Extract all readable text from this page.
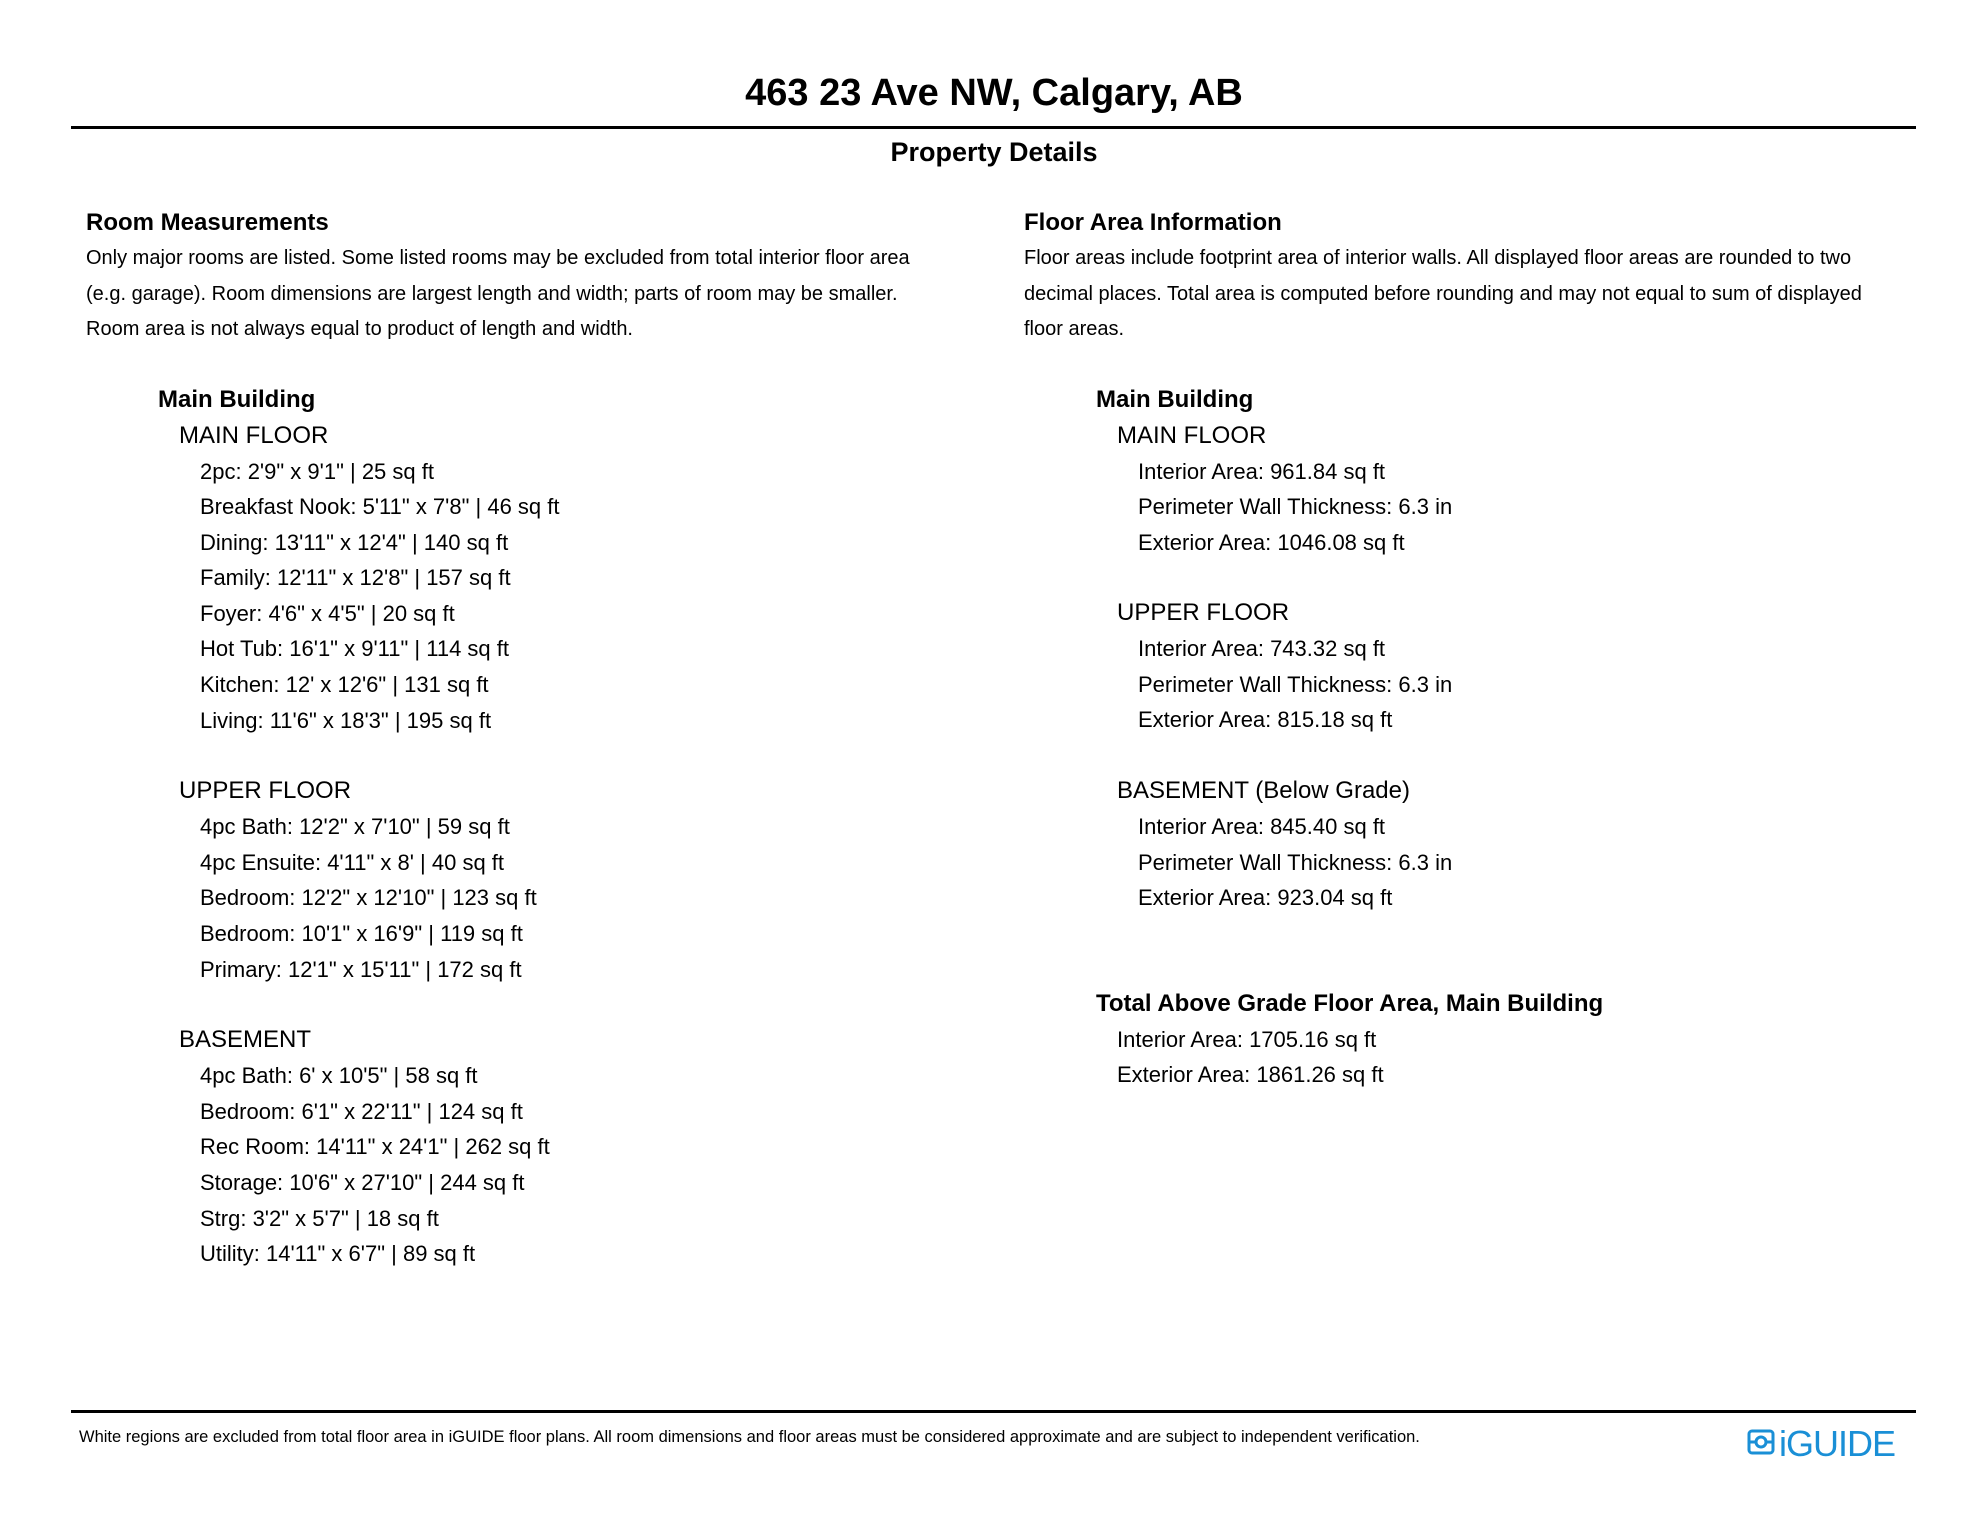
463 23 Ave NW, Calgary, AB
Property Details
Room Measurements
Only major rooms are listed. Some listed rooms may be excluded from total interior floor area
(e.g. garage). Room dimensions are largest length and width; parts of room may be smaller.
Room area is not always equal to product of length and width.
Main Building
MAIN FLOOR
2pc: 2'9" x 9'1" | 25 sq ft
Breakfast Nook: 5'11" x 7'8" | 46 sq ft
Dining: 13'11" x 12'4" | 140 sq ft
Family: 12'11" x 12'8" | 157 sq ft
Foyer: 4'6" x 4'5" | 20 sq ft
Hot Tub: 16'1" x 9'11" | 114 sq ft
Kitchen: 12' x 12'6" | 131 sq ft
Living: 11'6" x 18'3" | 195 sq ft
UPPER FLOOR
4pc Bath: 12'2" x 7'10" | 59 sq ft
4pc Ensuite: 4'11" x 8' | 40 sq ft
Bedroom: 12'2" x 12'10" | 123 sq ft
Bedroom: 10'1" x 16'9" | 119 sq ft
Primary: 12'1" x 15'11" | 172 sq ft
BASEMENT
4pc Bath: 6' x 10'5" | 58 sq ft
Bedroom: 6'1" x 22'11" | 124 sq ft
Rec Room: 14'11" x 24'1" | 262 sq ft
Storage: 10'6" x 27'10" | 244 sq ft
Strg: 3'2" x 5'7" | 18 sq ft
Utility: 14'11" x 6'7" | 89 sq ft
Floor Area Information
Floor areas include footprint area of interior walls. All displayed floor areas are rounded to two
decimal places. Total area is computed before rounding and may not equal to sum of displayed
floor areas.
Main Building
MAIN FLOOR
Interior Area: 961.84 sq ft
Perimeter Wall Thickness: 6.3 in
Exterior Area: 1046.08 sq ft
UPPER FLOOR
Interior Area: 743.32 sq ft
Perimeter Wall Thickness: 6.3 in
Exterior Area: 815.18 sq ft
BASEMENT (Below Grade)
Interior Area: 845.40 sq ft
Perimeter Wall Thickness: 6.3 in
Exterior Area: 923.04 sq ft
Total Above Grade Floor Area, Main Building
Interior Area: 1705.16 sq ft
Exterior Area: 1861.26 sq ft
White regions are excluded from total floor area in iGUIDE floor plans. All room dimensions and floor areas must be considered approximate and are subject to independent verification.	iGUIDE
